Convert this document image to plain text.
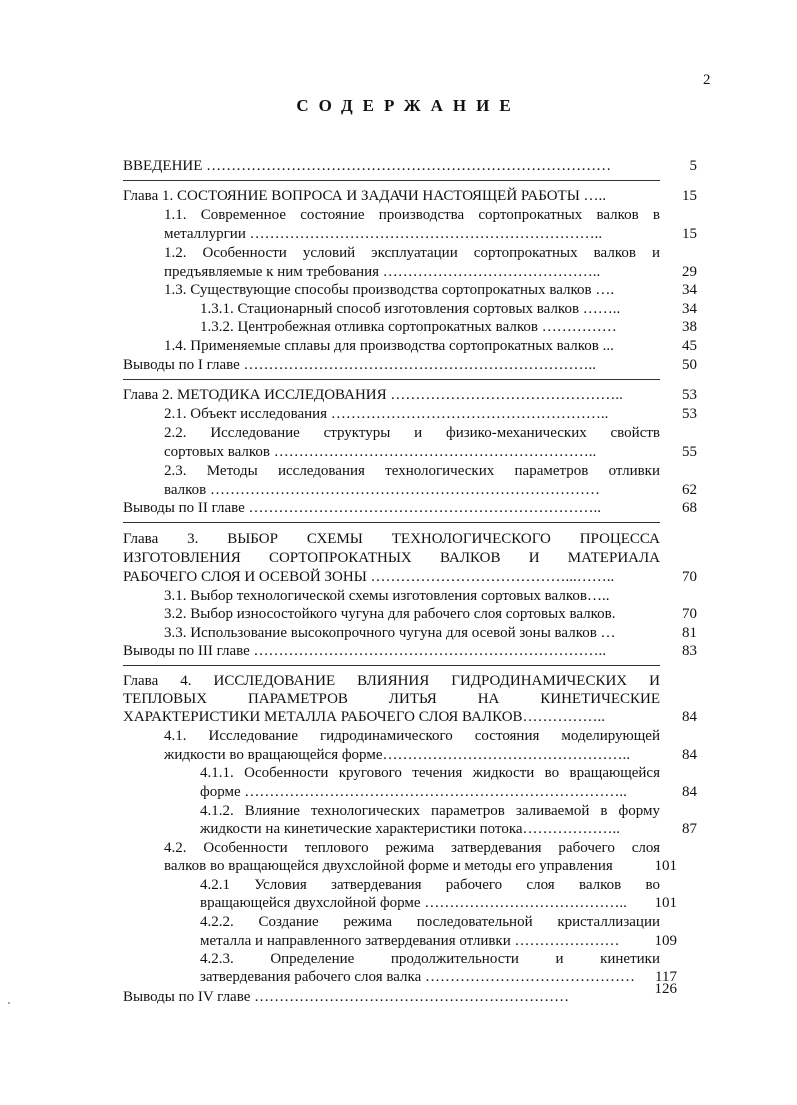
2
СОДЕРЖАНИЕ
ВВЕДЕНИЕ ………………………………………………………………………	5
Глава 1. СОСТОЯНИЕ ВОПРОСА И ЗАДАЧИ НАСТОЯЩЕЙ РАБОТЫ …..	15
1.1. Современное состояние производства сортопрокатных валков в
металлургии ……………………………………………………………..	15
1.2. Особенности условий эксплуатации сортопрокатных валков и
предъявляемые к ним требования ……………………………………..	29
1.3. Существующие способы производства сортопрокатных валков ….	34
1.3.1. Стационарный способ изготовления сортовых валков ……..	34
1.3.2. Центробежная отливка сортопрокатных валков ……………	38
1.4. Применяемые сплавы для производства сортопрокатных валков ...	45
Выводы по I главе ……………………………………………………………..	50
Глава 2. МЕТОДИКА ИССЛЕДОВАНИЯ ………………………………………..	53
2.1. Объект исследования ………………………………………………..	53
2.2. Исследование структуры и физико-механических свойств
сортовых валков ………………………………………………………..	55
2.3. Методы исследования технологических параметров отливки
валков ……………………………………………………………………	62
Выводы по II главе ……………………………………………………………..	68
Глава 3. ВЫБОР СХЕМЫ ТЕХНОЛОГИЧЕСКОГО ПРОЦЕССА
ИЗГОТОВЛЕНИЯ СОРТОПРОКАТНЫХ ВАЛКОВ И МАТЕРИАЛА
РАБОЧЕГО СЛОЯ И ОСЕВОЙ ЗОНЫ …………………………………...……..	70
3.1. Выбор технологической схемы изготовления сортовых валков…..
3.2. Выбор износостойкого чугуна для рабочего слоя сортовых валков.	70
3.3. Использование высокопрочного чугуна для осевой зоны валков …	81
Выводы по III главе ……………………………………………………………..	83
Глава 4. ИССЛЕДОВАНИЕ ВЛИЯНИЯ ГИДРОДИНАМИЧЕСКИХ И
ТЕПЛОВЫХ ПАРАМЕТРОВ ЛИТЬЯ НА КИНЕТИЧЕСКИЕ
ХАРАКТЕРИСТИКИ МЕТАЛЛА РАБОЧЕГО СЛОЯ ВАЛКОВ……………..	84
4.1. Исследование гидродинамического состояния моделирующей
жидкости во вращающейся форме…………………………………………..	84
4.1.1. Особенности кругового течения жидкости во вращающейся
форме …………………………………………………………………..	84
4.1.2. Влияние технологических параметров заливаемой в форму
жидкости на кинетические характеристики потока………………..	87
4.2. Особенности теплового режима затвердевания рабочего слоя
валков во вращающейся двухслойной форме и методы его управления	101
4.2.1 Условия затвердевания рабочего слоя валков во
вращающейся двухслойной форме …………………………………..	101
4.2.2. Создание режима последовательной кристаллизации
металла и направленного затвердевания отливки …………………	109
4.2.3. Определение продолжительности и кинетики
затвердевания рабочего слоя валка ……………………………………	117
Выводы по IV главе ………………………………………………………	126
